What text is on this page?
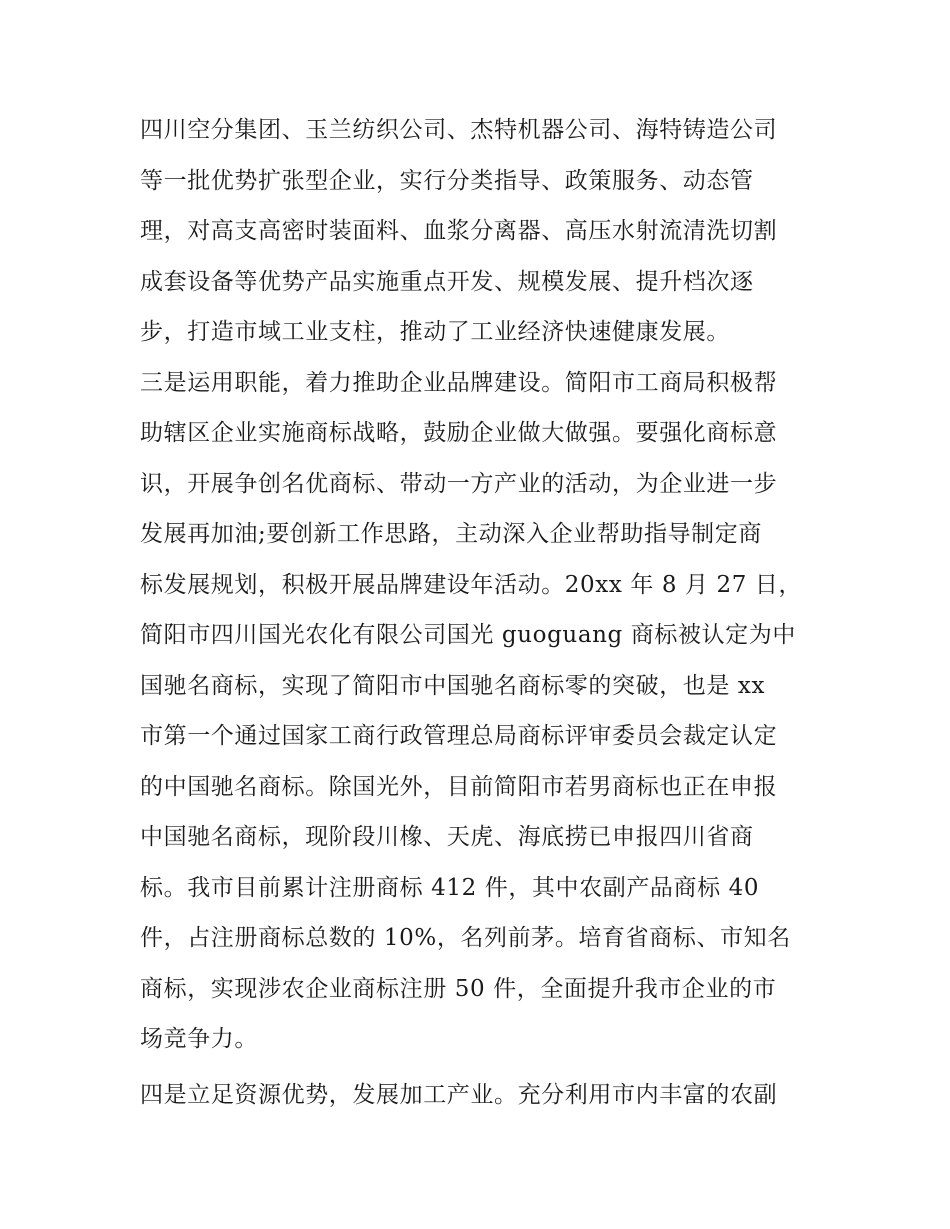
四川空分集团、玉兰纺织公司、杰特机器公司、海特铸造公司
等一批优势扩张型企业，实行分类指导、政策服务、动态管
理，对高支高密时装面料、血浆分离器、高压水射流清洗切割
成套设备等优势产品实施重点开发、规模发展、提升档次逐
步，打造市域工业支柱，推动了工业经济快速健康发展。
三是运用职能，着力推助企业品牌建设。简阳市工商局积极帮
助辖区企业实施商标战略，鼓励企业做大做强。要强化商标意
识，开展争创名优商标、带动一方产业的活动，为企业进一步
发展再加油;要创新工作思路，主动深入企业帮助指导制定商
标发展规划，积极开展品牌建设年活动。20xx 年 8 月 27 日，
简阳市四川国光农化有限公司国光 guoguang 商标被认定为中
国驰名商标，实现了简阳市中国驰名商标零的突破，也是 xx
市第一个通过国家工商行政管理总局商标评审委员会裁定认定
的中国驰名商标。除国光外，目前简阳市若男商标也正在申报
中国驰名商标，现阶段川橡、天虎、海底捞已申报四川省商
标。我市目前累计注册商标 412 件，其中农副产品商标 40
件，占注册商标总数的 10%，名列前茅。培育省商标、市知名
商标，实现涉农企业商标注册 50 件，全面提升我市企业的市
场竞争力。
四是立足资源优势，发展加工产业。充分利用市内丰富的农副
